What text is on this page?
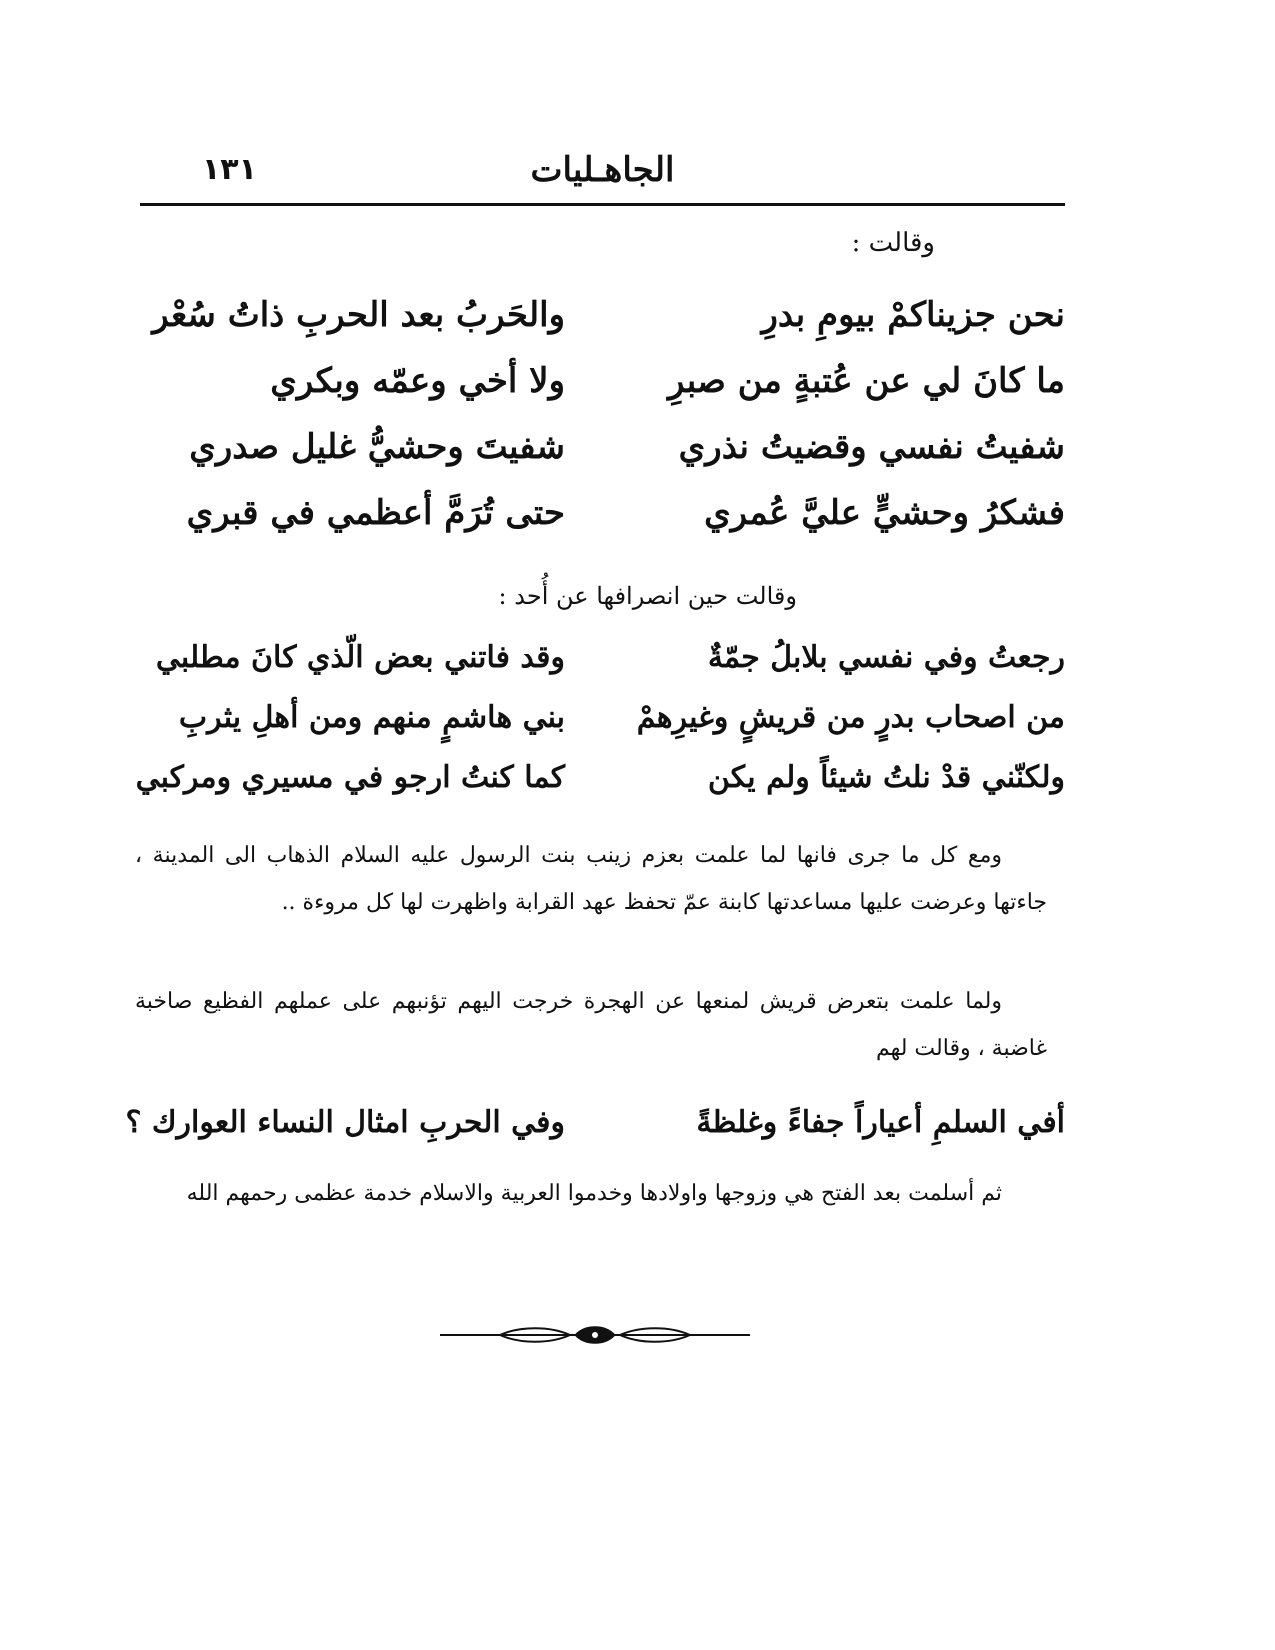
١٣١	الجاهـليات
وقالت :
نحن جزيناكمْ بيومِ بدرِ
والحَربُ بعد الحربِ ذاتُ سُعْر
ما كانَ لي عن عُتبةٍ من صبرِ
ولا أخي وعمّه وبكري
شفيتُ نفسي وقضيتُ نذري
شفيتَ وحشيُّ غليل صدري
فشكرُ وحشيٍّ عليَّ عُمري
حتى تُرَمَّ أعظمي في قبري
وقالت حين انصرافها عن أُحد :
رجعتُ وفي نفسي بلابلُ جمّةٌ
وقد فاتني بعض الّذي كانَ مطلبي
من اصحاب بدرٍ من قريشٍ وغيرِهمْ
بني هاشمٍ منهم ومن أهلِ يثربِ
ولكنّني قدْ نلتُ شيئاً ولم يكن
كما كنتُ ارجو في مسيري ومركبي

ومع كل ما جرى فانها لما علمت بعزم زينب بنت الرسول عليه السلام الذهاب الى المدينة ، جاءتها وعرضت عليها مساعدتها كابنة عمّ تحفظ عهد القرابة واظهرت لها كل مروءة ..

ولما علمت بتعرض قريش لمنعها عن الهجرة خرجت اليهم تؤنبهم على عملهم الفظيع صاخبة غاضبة ، وقالت لهم

أفي السلمِ أعياراً جفاءً وغلظةً
وفي الحربِ امثال النساء العوارك ؟

ثم أسلمت بعد الفتح هي وزوجها واولادها وخدموا العربية والاسلام خدمة عظمى رحمهم الله
